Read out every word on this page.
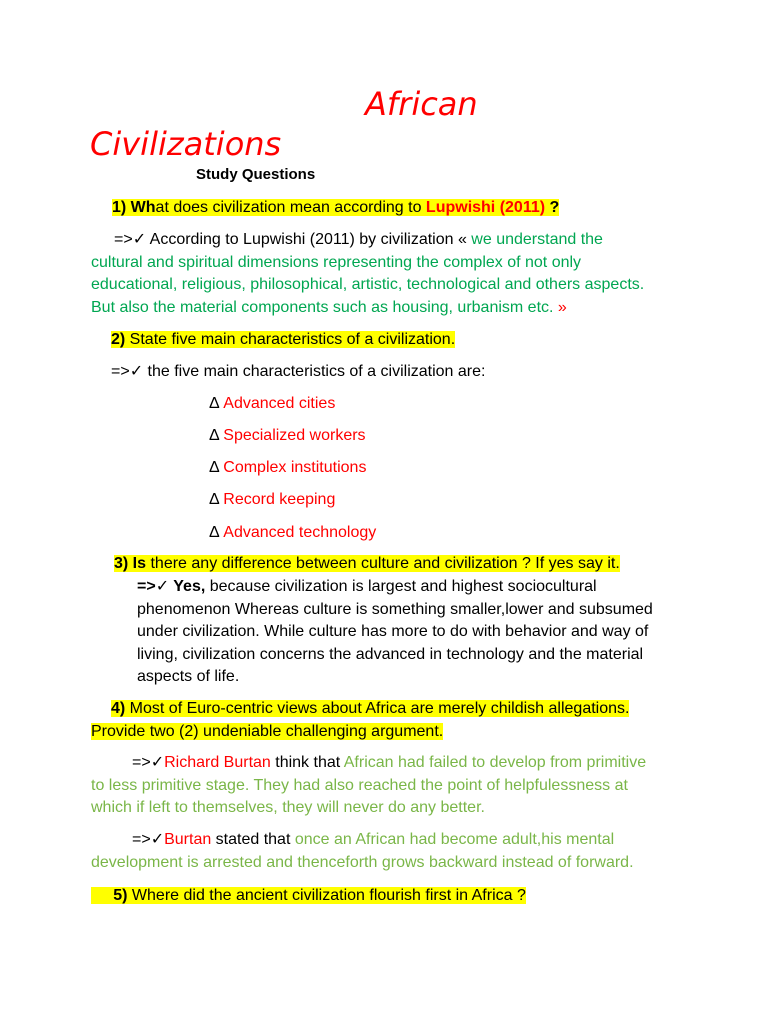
African
Civilizations
Study Questions
1) What does civilization mean according to Lupwishi (2011) ?
=>✓ According to Lupwishi (2011) by civilization « we understand the
cultural and spiritual dimensions representing the complex of not only
educational, religious, philosophical, artistic, technological and others aspects.
But also the material components such as housing, urbanism etc. »
2) State five main characteristics of a civilization.
=>✓ the five main characteristics of a civilization are:
Δ Advanced cities
Δ Specialized workers
Δ Complex institutions
Δ Record keeping
Δ Advanced technology
3) Is there any difference between culture and civilization ? If yes say it.
=>✓ Yes, because civilization is largest and highest sociocultural
phenomenon Whereas culture is something smaller,lower and subsumed
under civilization. While culture has more to do with behavior and way of
living, civilization concerns the advanced in technology and the material
aspects of life.
4) Most of Euro-centric views about Africa are merely childish allegations.
Provide two (2) undeniable challenging argument.
=>✓Richard Burtan think that African had failed to develop from primitive
to less primitive stage. They had also reached the point of helpfulessness at
which if left to themselves, they will never do any better.
=>✓Burtan stated that once an African had become adult,his mental
development is arrested and thenceforth grows backward instead of forward.
5) Where did the ancient civilization flourish first in Africa ?
